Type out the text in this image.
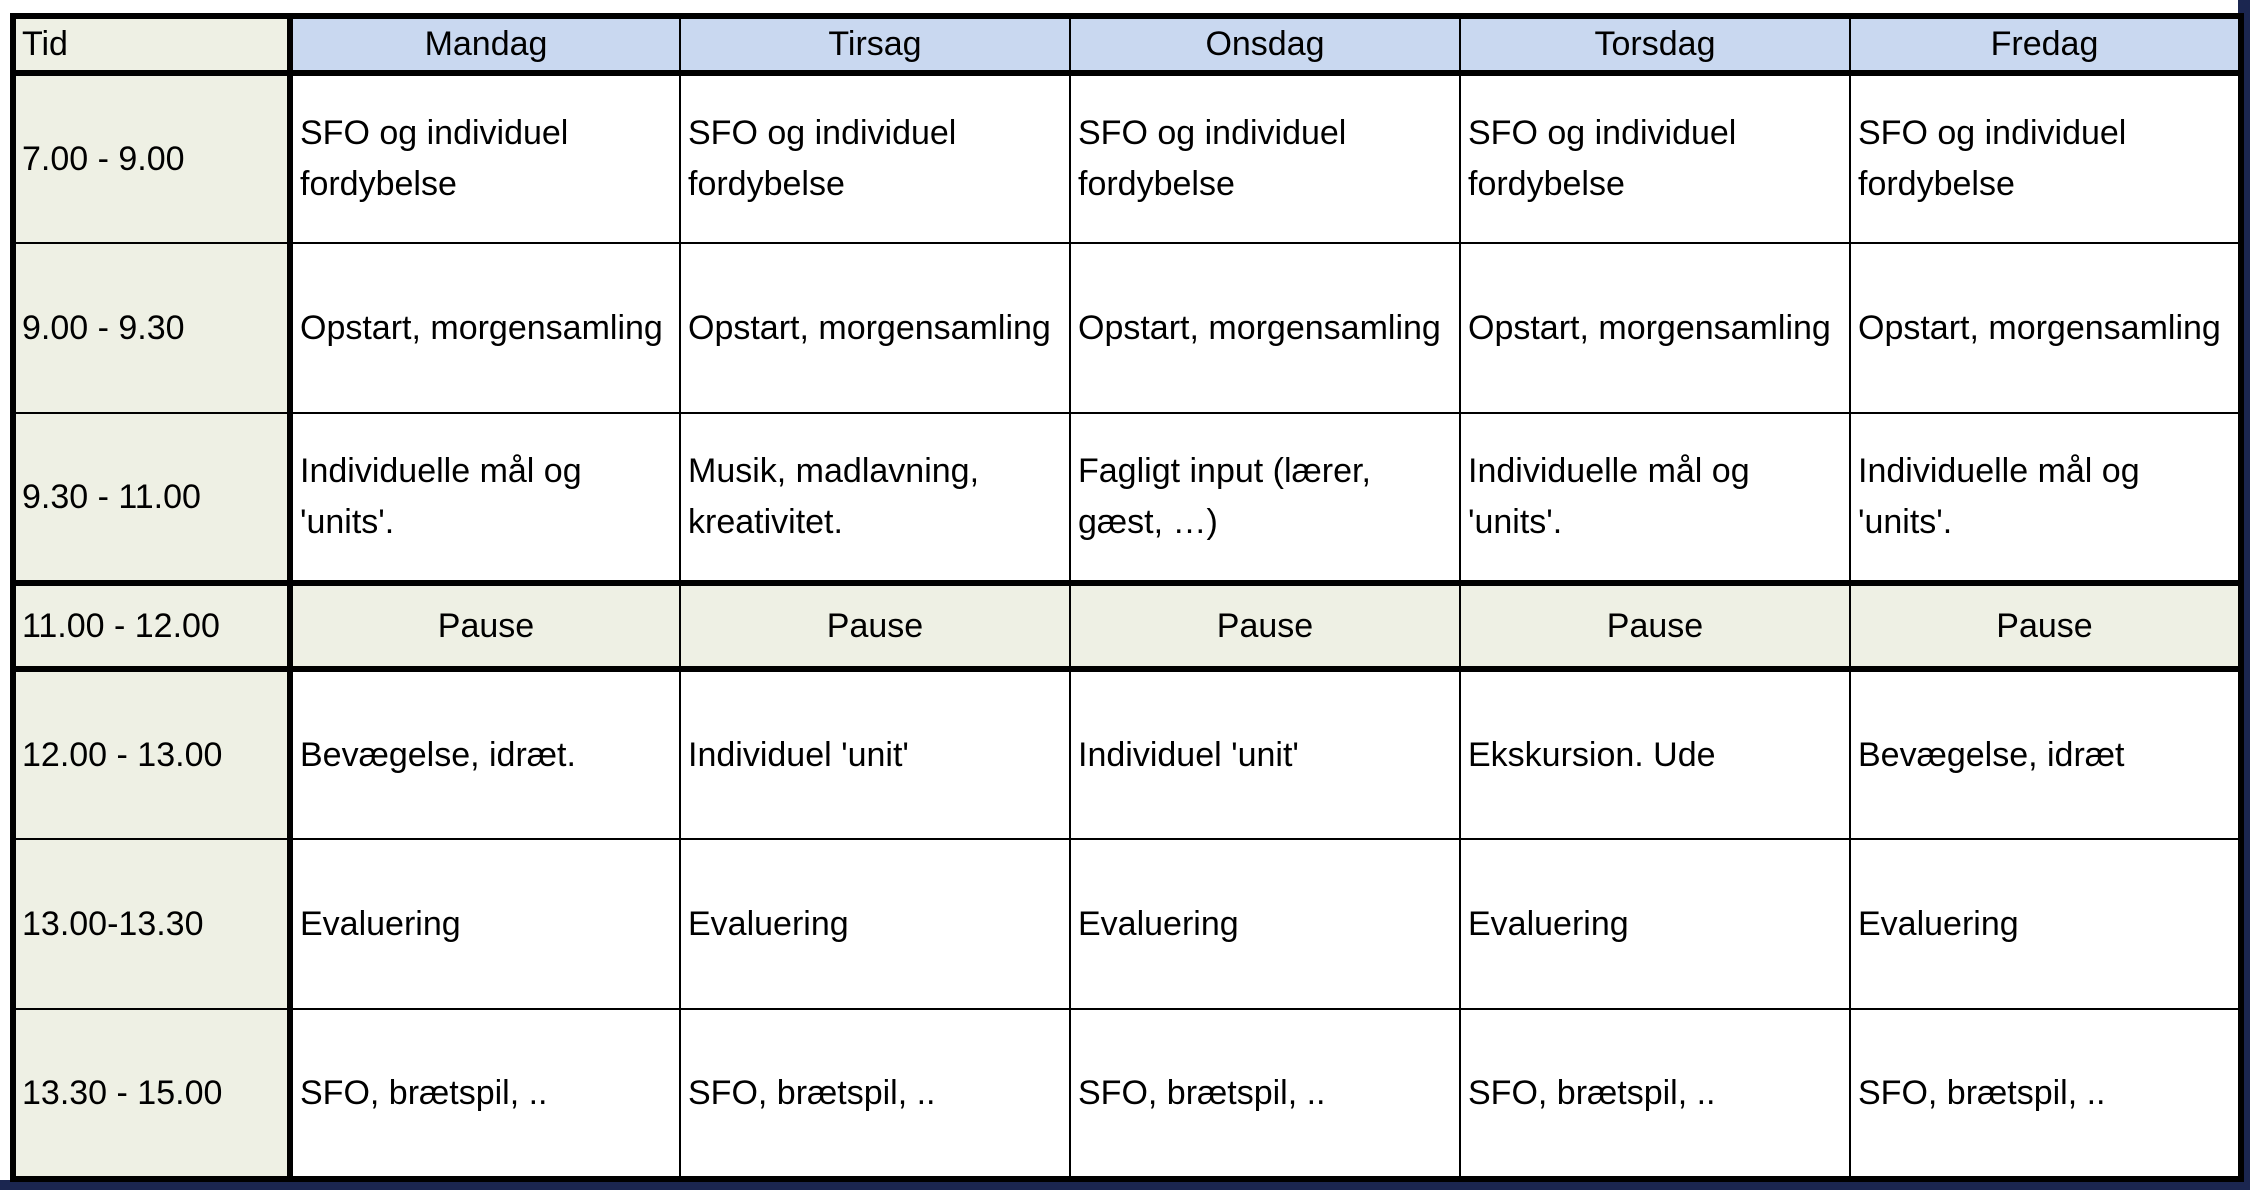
Tid	Mandag	Tirsag	Onsdag	Torsdag	Fredag
7.00 - 9.00	SFO og individuel fordybelse	SFO og individuel fordybelse	SFO og individuel fordybelse	SFO og individuel fordybelse	SFO og individuel fordybelse

9.00 - 9.30	Opstart, morgensamling	Opstart, morgensamling	Opstart, morgensamling	Opstart, morgensamling	Opstart, morgensamling

9.30 - 11.00	Individuelle mål og 'units'.	Musik, madlavning, kreativitet.	Fagligt input (lærer, gæst, …)	Individuelle mål og 'units'.	Individuelle mål og 'units'.

11.00 - 12.00	Pause	Pause	Pause	Pause	Pause
12.00 - 13.00	Bevægelse, idræt.	Individuel 'unit'	Individuel 'unit'	Ekskursion. Ude	Bevægelse, idræt

13.00-13.30	Evaluering	Evaluering	Evaluering	Evaluering	Evaluering

13.30 - 15.00	SFO, brætspil, ..	SFO, brætspil, ..	SFO, brætspil, ..	SFO, brætspil, ..	SFO, brætspil, ..
